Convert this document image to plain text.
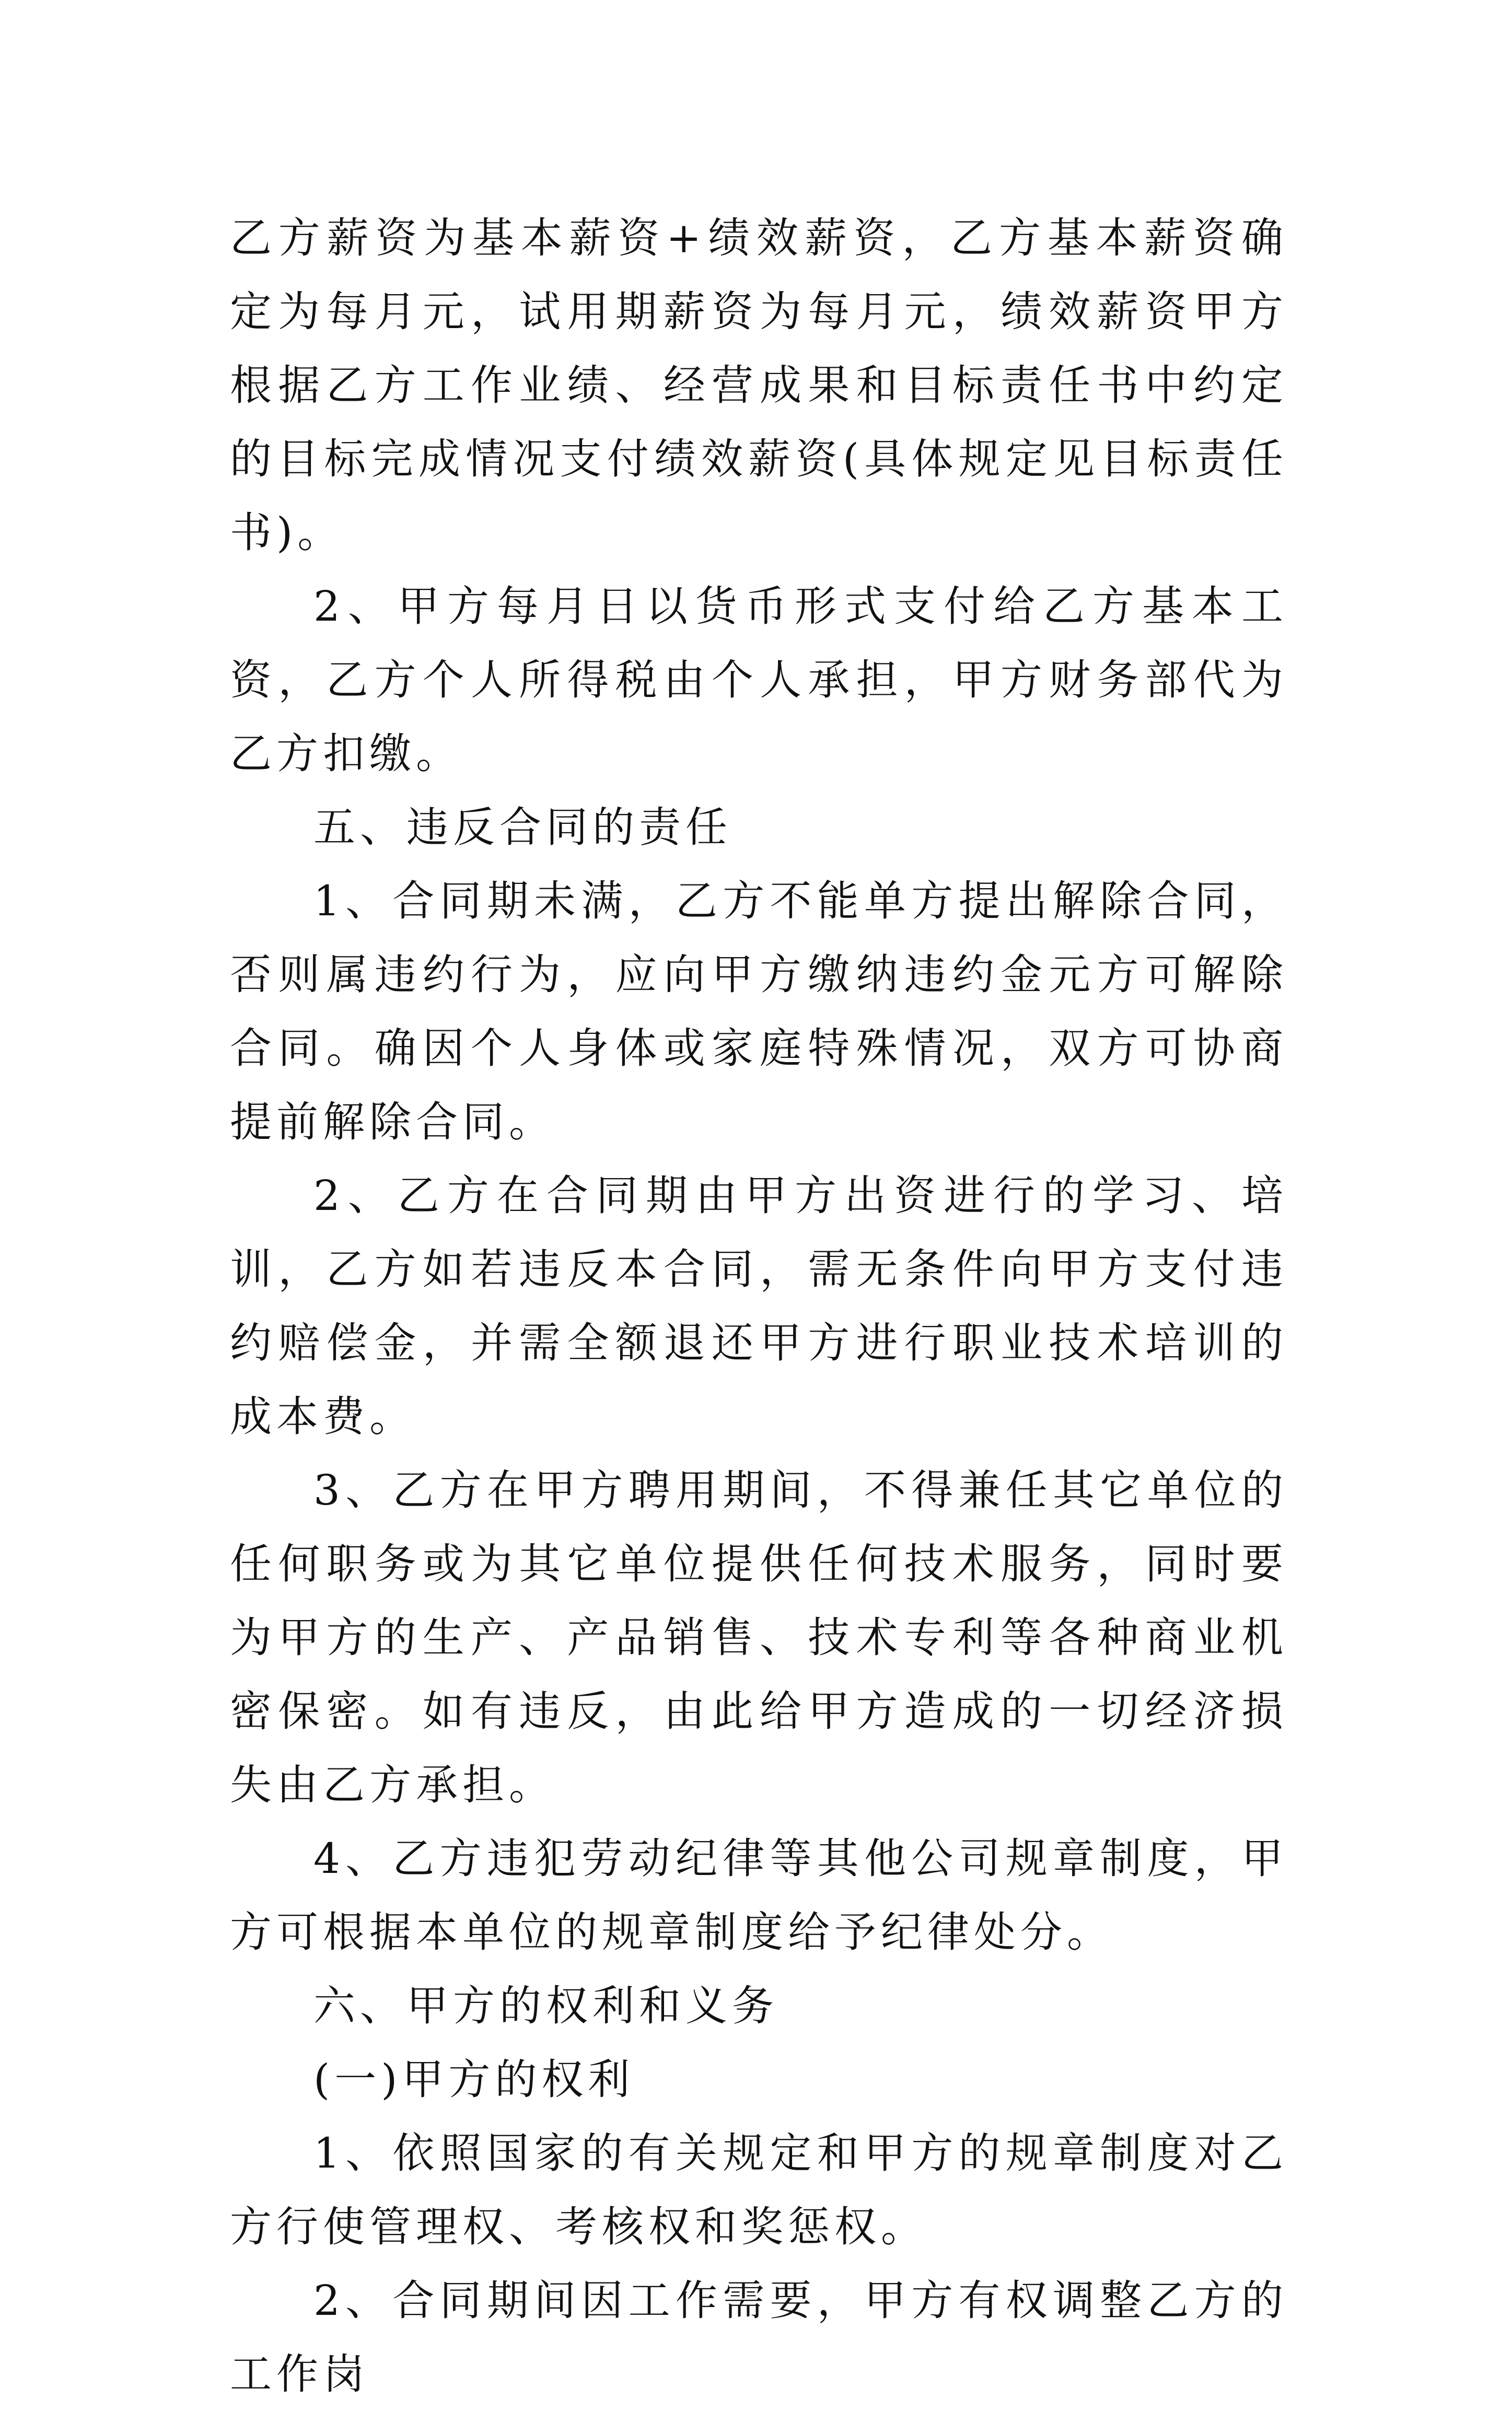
乙方薪资为基本薪资+绩效薪资，乙方基本薪资确定为每月元，试用期薪资为每月元，绩效薪资甲方根据乙方工作业绩、经营成果和目标责任书中约定的目标完成情况支付绩效薪资(具体规定见目标责任书)。

2、甲方每月日以货币形式支付给乙方基本工资，乙方个人所得税由个人承担，甲方财务部代为乙方扣缴。

五、违反合同的责任

1、合同期未满，乙方不能单方提出解除合同，否则属违约行为，应向甲方缴纳违约金元方可解除合同。确因个人身体或家庭特殊情况，双方可协商提前解除合同。

2、乙方在合同期由甲方出资进行的学习、培训，乙方如若违反本合同，需无条件向甲方支付违约赔偿金，并需全额退还甲方进行职业技术培训的成本费。

3、乙方在甲方聘用期间，不得兼任其它单位的任何职务或为其它单位提供任何技术服务，同时要为甲方的生产、产品销售、技术专利等各种商业机密保密。如有违反，由此给甲方造成的一切经济损失由乙方承担。

4、乙方违犯劳动纪律等其他公司规章制度，甲方可根据本单位的规章制度给予纪律处分。

六、甲方的权利和义务

(一)甲方的权利

1、依照国家的有关规定和甲方的规章制度对乙方行使管理权、考核权和奖惩权。

2、合同期间因工作需要，甲方有权调整乙方的工作岗
